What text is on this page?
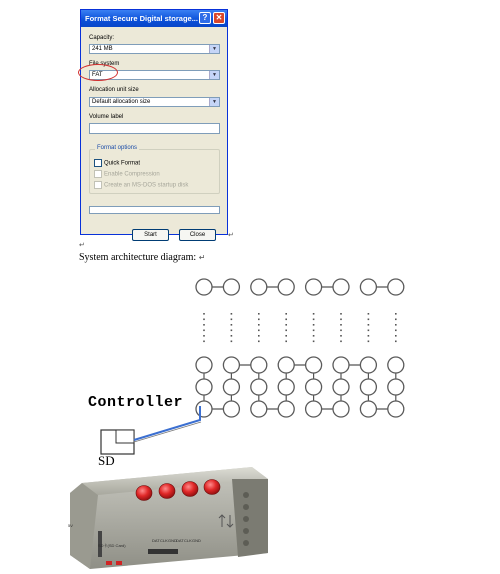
Format Secure Digital storage... ?	✕
Capacity:
241 MB	▼
File system
FAT	▼
Allocation unit size
Default allocation size	▼
Volume label
Format options
Quick Format
Enable Compression
Create an MS-DOS startup disk
Start	Close	↵
↵
System architecture diagram: ↵
Controller
SD
SD卡(SD Card)
5V
DAT CLK GND DAT CLK GND
